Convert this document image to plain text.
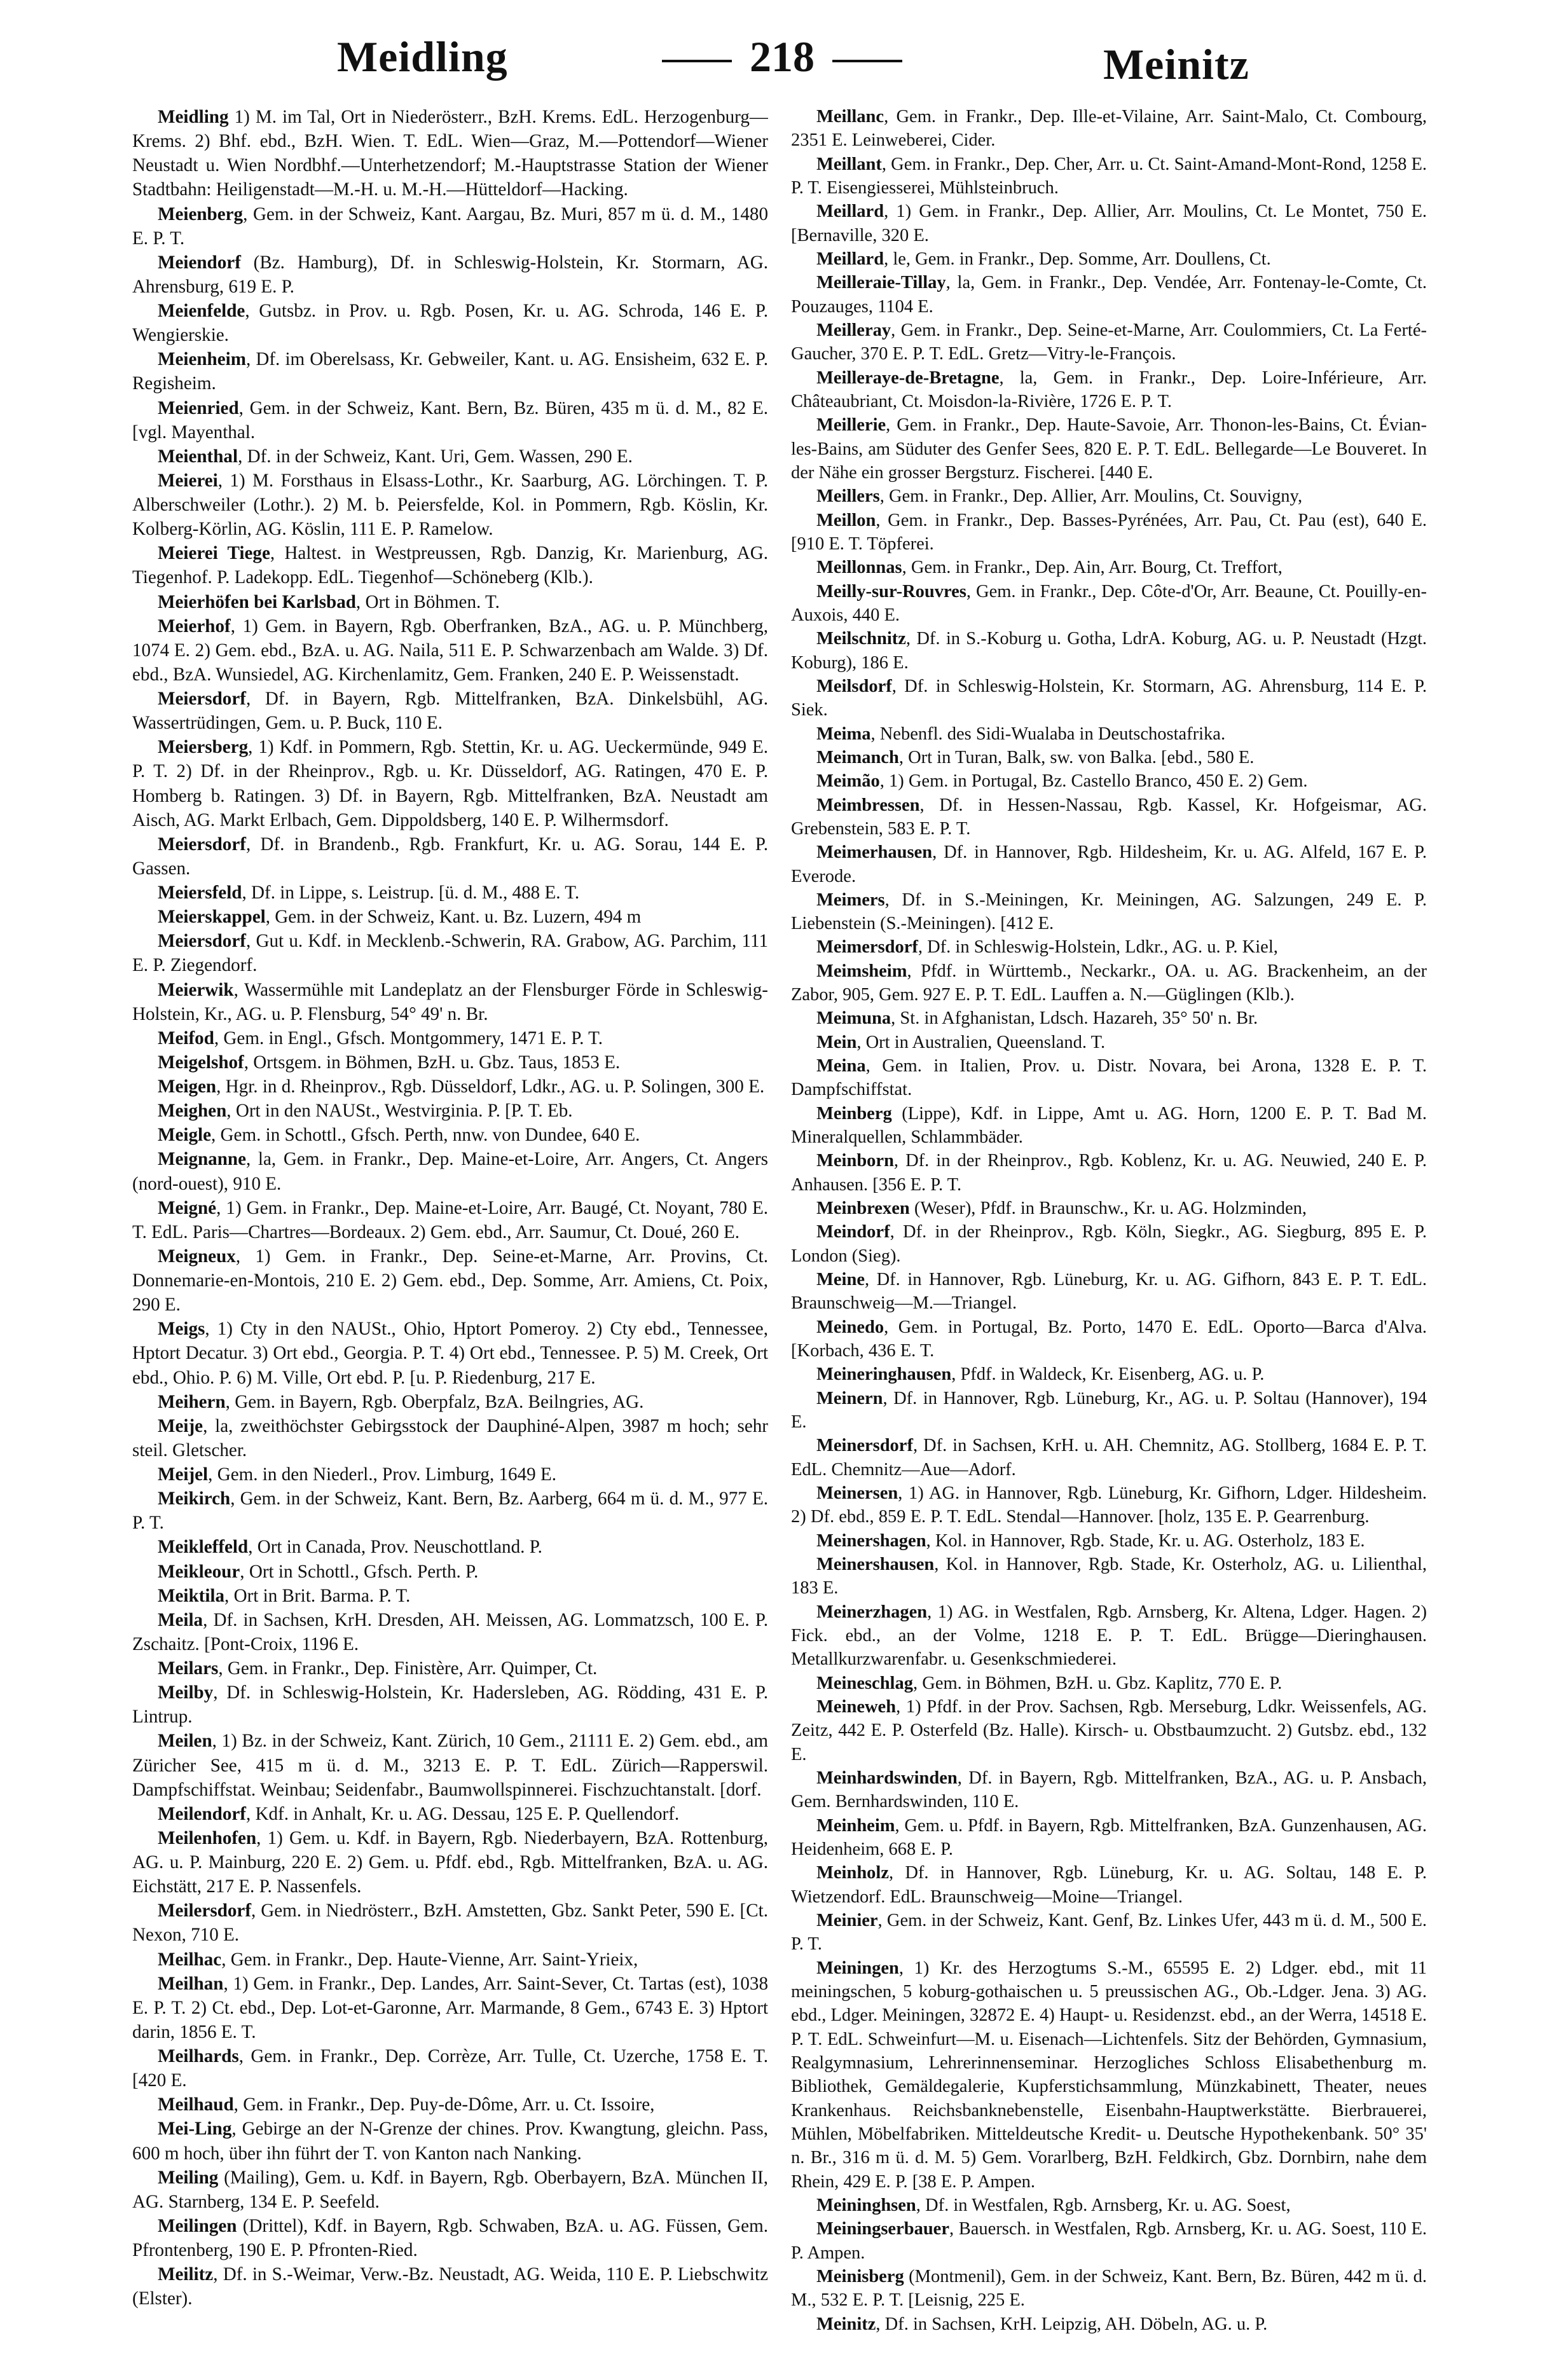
Meidling	218	Meinitz

Meidling 1) M. im Tal, Ort in Niederösterr., BzH. Krems. EdL. Herzogenburg—Krems. 2) Bhf. ebd., BzH. Wien. T. EdL. Wien—Graz, M.—Pottendorf—Wiener Neustadt u. Wien Nordbhf.—Unterhetzendorf; M.-Hauptstrasse Station der Wiener Stadtbahn: Heiligenstadt—M.-H. u. M.-H.—Hütteldorf—Hacking.

Meienberg, Gem. in der Schweiz, Kant. Aargau, Bz. Muri, 857 m ü. d. M., 1480 E. P. T.

Meiendorf (Bz. Hamburg), Df. in Schleswig-Holstein, Kr. Stormarn, AG. Ahrensburg, 619 E. P.

Meienfelde, Gutsbz. in Prov. u. Rgb. Posen, Kr. u. AG. Schroda, 146 E. P. Wengierskie.

Meienheim, Df. im Oberelsass, Kr. Gebweiler, Kant. u. AG. Ensisheim, 632 E. P. Regisheim.

Meienried, Gem. in der Schweiz, Kant. Bern, Bz. Büren, 435 m ü. d. M., 82 E. [vgl. Mayenthal.

Meienthal, Df. in der Schweiz, Kant. Uri, Gem. Wassen, 290 E.

Meierei, 1) M. Forsthaus in Elsass-Lothr., Kr. Saarburg, AG. Lörchingen. T. P. Alberschweiler (Lothr.). 2) M. b. Peiersfelde, Kol. in Pommern, Rgb. Köslin, Kr. Kolberg-Körlin, AG. Köslin, 111 E. P. Ramelow.

Meierei Tiege, Haltest. in Westpreussen, Rgb. Danzig, Kr. Marienburg, AG. Tiegenhof. P. Ladekopp. EdL. Tiegenhof—Schöneberg (Klb.).

Meierhöfen bei Karlsbad, Ort in Böhmen. T.

Meierhof, 1) Gem. in Bayern, Rgb. Oberfranken, BzA., AG. u. P. Münchberg, 1074 E. 2) Gem. ebd., BzA. u. AG. Naila, 511 E. P. Schwarzenbach am Walde. 3) Df. ebd., BzA. Wunsiedel, AG. Kirchenlamitz, Gem. Franken, 240 E. P. Weissenstadt.

Meiersdorf, Df. in Bayern, Rgb. Mittelfranken, BzA. Dinkelsbühl, AG. Wassertrüdingen, Gem. u. P. Buck, 110 E.

Meiersberg, 1) Kdf. in Pommern, Rgb. Stettin, Kr. u. AG. Ueckermünde, 949 E. P. T. 2) Df. in der Rheinprov., Rgb. u. Kr. Düsseldorf, AG. Ratingen, 470 E. P. Homberg b. Ratingen. 3) Df. in Bayern, Rgb. Mittelfranken, BzA. Neustadt am Aisch, AG. Markt Erlbach, Gem. Dippoldsberg, 140 E. P. Wilhermsdorf.

Meiersdorf, Df. in Brandenb., Rgb. Frankfurt, Kr. u. AG. Sorau, 144 E. P. Gassen.

Meiersfeld, Df. in Lippe, s. Leistrup. [ü. d. M., 488 E. T.

Meierskappel, Gem. in der Schweiz, Kant. u. Bz. Luzern, 494 m

Meiersdorf, Gut u. Kdf. in Mecklenb.-Schwerin, RA. Grabow, AG. Parchim, 111 E. P. Ziegendorf.

Meierwik, Wassermühle mit Landeplatz an der Flensburger Förde in Schleswig-Holstein, Kr., AG. u. P. Flensburg, 54° 49' n. Br.

Meifod, Gem. in Engl., Gfsch. Montgommery, 1471 E. P. T.

Meigelshof, Ortsgem. in Böhmen, BzH. u. Gbz. Taus, 1853 E.

Meigen, Hgr. in d. Rheinprov., Rgb. Düsseldorf, Ldkr., AG. u. P. Solingen, 300 E.

Meighen, Ort in den NAUSt., Westvirginia. P. [P. T. Eb.

Meigle, Gem. in Schottl., Gfsch. Perth, nnw. von Dundee, 640 E.

Meignanne, la, Gem. in Frankr., Dep. Maine-et-Loire, Arr. Angers, Ct. Angers (nord-ouest), 910 E.

Meigné, 1) Gem. in Frankr., Dep. Maine-et-Loire, Arr. Baugé, Ct. Noyant, 780 E. T. EdL. Paris—Chartres—Bordeaux. 2) Gem. ebd., Arr. Saumur, Ct. Doué, 260 E.

Meigneux, 1) Gem. in Frankr., Dep. Seine-et-Marne, Arr. Provins, Ct. Donnemarie-en-Montois, 210 E. 2) Gem. ebd., Dep. Somme, Arr. Amiens, Ct. Poix, 290 E.

Meigs, 1) Cty in den NAUSt., Ohio, Hptort Pomeroy. 2) Cty ebd., Tennessee, Hptort Decatur. 3) Ort ebd., Georgia. P. T. 4) Ort ebd., Tennessee. P. 5) M. Creek, Ort ebd., Ohio. P. 6) M. Ville, Ort ebd. P. [u. P. Riedenburg, 217 E.

Meihern, Gem. in Bayern, Rgb. Oberpfalz, BzA. Beilngries, AG.

Meije, la, zweithöchster Gebirgsstock der Dauphiné-Alpen, 3987 m hoch; sehr steil. Gletscher.

Meijel, Gem. in den Niederl., Prov. Limburg, 1649 E.

Meikirch, Gem. in der Schweiz, Kant. Bern, Bz. Aarberg, 664 m ü. d. M., 977 E. P. T.

Meikleffeld, Ort in Canada, Prov. Neuschottland. P.

Meikleour, Ort in Schottl., Gfsch. Perth. P.

Meiktila, Ort in Brit. Barma. P. T.

Meila, Df. in Sachsen, KrH. Dresden, AH. Meissen, AG. Lommatzsch, 100 E. P. Zschaitz. [Pont-Croix, 1196 E.

Meilars, Gem. in Frankr., Dep. Finistère, Arr. Quimper, Ct.

Meilby, Df. in Schleswig-Holstein, Kr. Hadersleben, AG. Rödding, 431 E. P. Lintrup.

Meilen, 1) Bz. in der Schweiz, Kant. Zürich, 10 Gem., 21111 E. 2) Gem. ebd., am Züricher See, 415 m ü. d. M., 3213 E. P. T. EdL. Zürich—Rapperswil. Dampfschiffstat. Weinbau; Seidenfabr., Baumwollspinnerei. Fischzuchtanstalt. [dorf.

Meilendorf, Kdf. in Anhalt, Kr. u. AG. Dessau, 125 E. P. Quellendorf.

Meilenhofen, 1) Gem. u. Kdf. in Bayern, Rgb. Niederbayern, BzA. Rottenburg, AG. u. P. Mainburg, 220 E. 2) Gem. u. Pfdf. ebd., Rgb. Mittelfranken, BzA. u. AG. Eichstätt, 217 E. P. Nassenfels.

Meilersdorf, Gem. in Niedrösterr., BzH. Amstetten, Gbz. Sankt Peter, 590 E. [Ct. Nexon, 710 E.

Meilhac, Gem. in Frankr., Dep. Haute-Vienne, Arr. Saint-Yrieix,

Meilhan, 1) Gem. in Frankr., Dep. Landes, Arr. Saint-Sever, Ct. Tartas (est), 1038 E. P. T. 2) Ct. ebd., Dep. Lot-et-Garonne, Arr. Marmande, 8 Gem., 6743 E. 3) Hptort darin, 1856 E. T.

Meilhards, Gem. in Frankr., Dep. Corrèze, Arr. Tulle, Ct. Uzerche, 1758 E. T. [420 E.

Meilhaud, Gem. in Frankr., Dep. Puy-de-Dôme, Arr. u. Ct. Issoire,

Mei-Ling, Gebirge an der N-Grenze der chines. Prov. Kwangtung, gleichn. Pass, 600 m hoch, über ihn führt der T. von Kanton nach Nanking.

Meiling (Mailing), Gem. u. Kdf. in Bayern, Rgb. Oberbayern, BzA. München II, AG. Starnberg, 134 E. P. Seefeld.

Meilingen (Drittel), Kdf. in Bayern, Rgb. Schwaben, BzA. u. AG. Füssen, Gem. Pfrontenberg, 190 E. P. Pfronten-Ried.

Meilitz, Df. in S.-Weimar, Verw.-Bz. Neustadt, AG. Weida, 110 E. P. Liebschwitz (Elster).

Meillanc, Gem. in Frankr., Dep. Ille-et-Vilaine, Arr. Saint-Malo, Ct. Combourg, 2351 E. Leinweberei, Cider.

Meillant, Gem. in Frankr., Dep. Cher, Arr. u. Ct. Saint-Amand-Mont-Rond, 1258 E. P. T. Eisengiesserei, Mühlsteinbruch.

Meillard, 1) Gem. in Frankr., Dep. Allier, Arr. Moulins, Ct. Le Montet, 750 E. [Bernaville, 320 E.

Meillard, le, Gem. in Frankr., Dep. Somme, Arr. Doullens, Ct.

Meilleraie-Tillay, la, Gem. in Frankr., Dep. Vendée, Arr. Fontenay-le-Comte, Ct. Pouzauges, 1104 E.

Meilleray, Gem. in Frankr., Dep. Seine-et-Marne, Arr. Coulommiers, Ct. La Ferté-Gaucher, 370 E. P. T. EdL. Gretz—Vitry-le-François.

Meilleraye-de-Bretagne, la, Gem. in Frankr., Dep. Loire-Inférieure, Arr. Châteaubriant, Ct. Moisdon-la-Rivière, 1726 E. P. T.

Meillerie, Gem. in Frankr., Dep. Haute-Savoie, Arr. Thonon-les-Bains, Ct. Évian-les-Bains, am Süduter des Genfer Sees, 820 E. P. T. EdL. Bellegarde—Le Bouveret. In der Nähe ein grosser Bergsturz. Fischerei. [440 E.

Meillers, Gem. in Frankr., Dep. Allier, Arr. Moulins, Ct. Souvigny,

Meillon, Gem. in Frankr., Dep. Basses-Pyrénées, Arr. Pau, Ct. Pau (est), 640 E. [910 E. T. Töpferei.

Meillonnas, Gem. in Frankr., Dep. Ain, Arr. Bourg, Ct. Treffort,

Meilly-sur-Rouvres, Gem. in Frankr., Dep. Côte-d'Or, Arr. Beaune, Ct. Pouilly-en-Auxois, 440 E.

Meilschnitz, Df. in S.-Koburg u. Gotha, LdrA. Koburg, AG. u. P. Neustadt (Hzgt. Koburg), 186 E.

Meilsdorf, Df. in Schleswig-Holstein, Kr. Stormarn, AG. Ahrensburg, 114 E. P. Siek.

Meima, Nebenfl. des Sidi-Wualaba in Deutschostafrika.

Meimanch, Ort in Turan, Balk, sw. von Balka. [ebd., 580 E.

Meimão, 1) Gem. in Portugal, Bz. Castello Branco, 450 E. 2) Gem.

Meimbressen, Df. in Hessen-Nassau, Rgb. Kassel, Kr. Hofgeismar, AG. Grebenstein, 583 E. P. T.

Meimerhausen, Df. in Hannover, Rgb. Hildesheim, Kr. u. AG. Alfeld, 167 E. P. Everode.

Meimers, Df. in S.-Meiningen, Kr. Meiningen, AG. Salzungen, 249 E. P. Liebenstein (S.-Meiningen). [412 E.

Meimersdorf, Df. in Schleswig-Holstein, Ldkr., AG. u. P. Kiel,

Meimsheim, Pfdf. in Württemb., Neckarkr., OA. u. AG. Brackenheim, an der Zabor, 905, Gem. 927 E. P. T. EdL. Lauffen a. N.—Güglingen (Klb.).

Meimuna, St. in Afghanistan, Ldsch. Hazareh, 35° 50' n. Br.

Mein, Ort in Australien, Queensland. T.

Meina, Gem. in Italien, Prov. u. Distr. Novara, bei Arona, 1328 E. P. T. Dampfschiffstat.

Meinberg (Lippe), Kdf. in Lippe, Amt u. AG. Horn, 1200 E. P. T. Bad M. Mineralquellen, Schlammbäder.

Meinborn, Df. in der Rheinprov., Rgb. Koblenz, Kr. u. AG. Neuwied, 240 E. P. Anhausen. [356 E. P. T.

Meinbrexen (Weser), Pfdf. in Braunschw., Kr. u. AG. Holzminden,

Meindorf, Df. in der Rheinprov., Rgb. Köln, Siegkr., AG. Siegburg, 895 E. P. London (Sieg).

Meine, Df. in Hannover, Rgb. Lüneburg, Kr. u. AG. Gifhorn, 843 E. P. T. EdL. Braunschweig—M.—Triangel.

Meinedo, Gem. in Portugal, Bz. Porto, 1470 E. EdL. Oporto—Barca d'Alva. [Korbach, 436 E. T.

Meineringhausen, Pfdf. in Waldeck, Kr. Eisenberg, AG. u. P.

Meinern, Df. in Hannover, Rgb. Lüneburg, Kr., AG. u. P. Soltau (Hannover), 194 E.

Meinersdorf, Df. in Sachsen, KrH. u. AH. Chemnitz, AG. Stollberg, 1684 E. P. T. EdL. Chemnitz—Aue—Adorf.

Meinersen, 1) AG. in Hannover, Rgb. Lüneburg, Kr. Gifhorn, Ldger. Hildesheim. 2) Df. ebd., 859 E. P. T. EdL. Stendal—Hannover. [holz, 135 E. P. Gearrenburg.

Meinershagen, Kol. in Hannover, Rgb. Stade, Kr. u. AG. Osterholz, 183 E.

Meinershausen, Kol. in Hannover, Rgb. Stade, Kr. Osterholz, AG. u. Lilienthal, 183 E.

Meinerzhagen, 1) AG. in Westfalen, Rgb. Arnsberg, Kr. Altena, Ldger. Hagen. 2) Fick. ebd., an der Volme, 1218 E. P. T. EdL. Brügge—Dieringhausen. Metallkurzwarenfabr. u. Gesenkschmiederei.

Meineschlag, Gem. in Böhmen, BzH. u. Gbz. Kaplitz, 770 E. P.

Meineweh, 1) Pfdf. in der Prov. Sachsen, Rgb. Merseburg, Ldkr. Weissenfels, AG. Zeitz, 442 E. P. Osterfeld (Bz. Halle). Kirsch- u. Obstbaumzucht. 2) Gutsbz. ebd., 132 E.

Meinhardswinden, Df. in Bayern, Rgb. Mittelfranken, BzA., AG. u. P. Ansbach, Gem. Bernhardswinden, 110 E.

Meinheim, Gem. u. Pfdf. in Bayern, Rgb. Mittelfranken, BzA. Gunzenhausen, AG. Heidenheim, 668 E. P.

Meinholz, Df. in Hannover, Rgb. Lüneburg, Kr. u. AG. Soltau, 148 E. P. Wietzendorf. EdL. Braunschweig—Moine—Triangel.

Meinier, Gem. in der Schweiz, Kant. Genf, Bz. Linkes Ufer, 443 m ü. d. M., 500 E. P. T.

Meiningen, 1) Kr. des Herzogtums S.-M., 65595 E. 2) Ldger. ebd., mit 11 meiningschen, 5 koburg-gothaischen u. 5 preussischen AG., Ob.-Ldger. Jena. 3) AG. ebd., Ldger. Meiningen, 32872 E. 4) Haupt- u. Residenzst. ebd., an der Werra, 14518 E. P. T. EdL. Schweinfurt—M. u. Eisenach—Lichtenfels. Sitz der Behörden, Gymnasium, Realgymnasium, Lehrerinnenseminar. Herzogliches Schloss Elisabethenburg m. Bibliothek, Gemäldegalerie, Kupferstichsammlung, Münzkabinett, Theater, neues Krankenhaus. Reichsbanknebenstelle, Eisenbahn-Hauptwerkstätte. Bierbrauerei, Mühlen, Möbelfabriken. Mitteldeutsche Kredit- u. Deutsche Hypothekenbank. 50° 35' n. Br., 316 m ü. d. M. 5) Gem. Vorarlberg, BzH. Feldkirch, Gbz. Dornbirn, nahe dem Rhein, 429 E. P. [38 E. P. Ampen.

Meininghsen, Df. in Westfalen, Rgb. Arnsberg, Kr. u. AG. Soest,

Meiningserbauer, Bauersch. in Westfalen, Rgb. Arnsberg, Kr. u. AG. Soest, 110 E. P. Ampen.

Meinisberg (Montmenil), Gem. in der Schweiz, Kant. Bern, Bz. Büren, 442 m ü. d. M., 532 E. P. T. [Leisnig, 225 E.

Meinitz, Df. in Sachsen, KrH. Leipzig, AH. Döbeln, AG. u. P.
